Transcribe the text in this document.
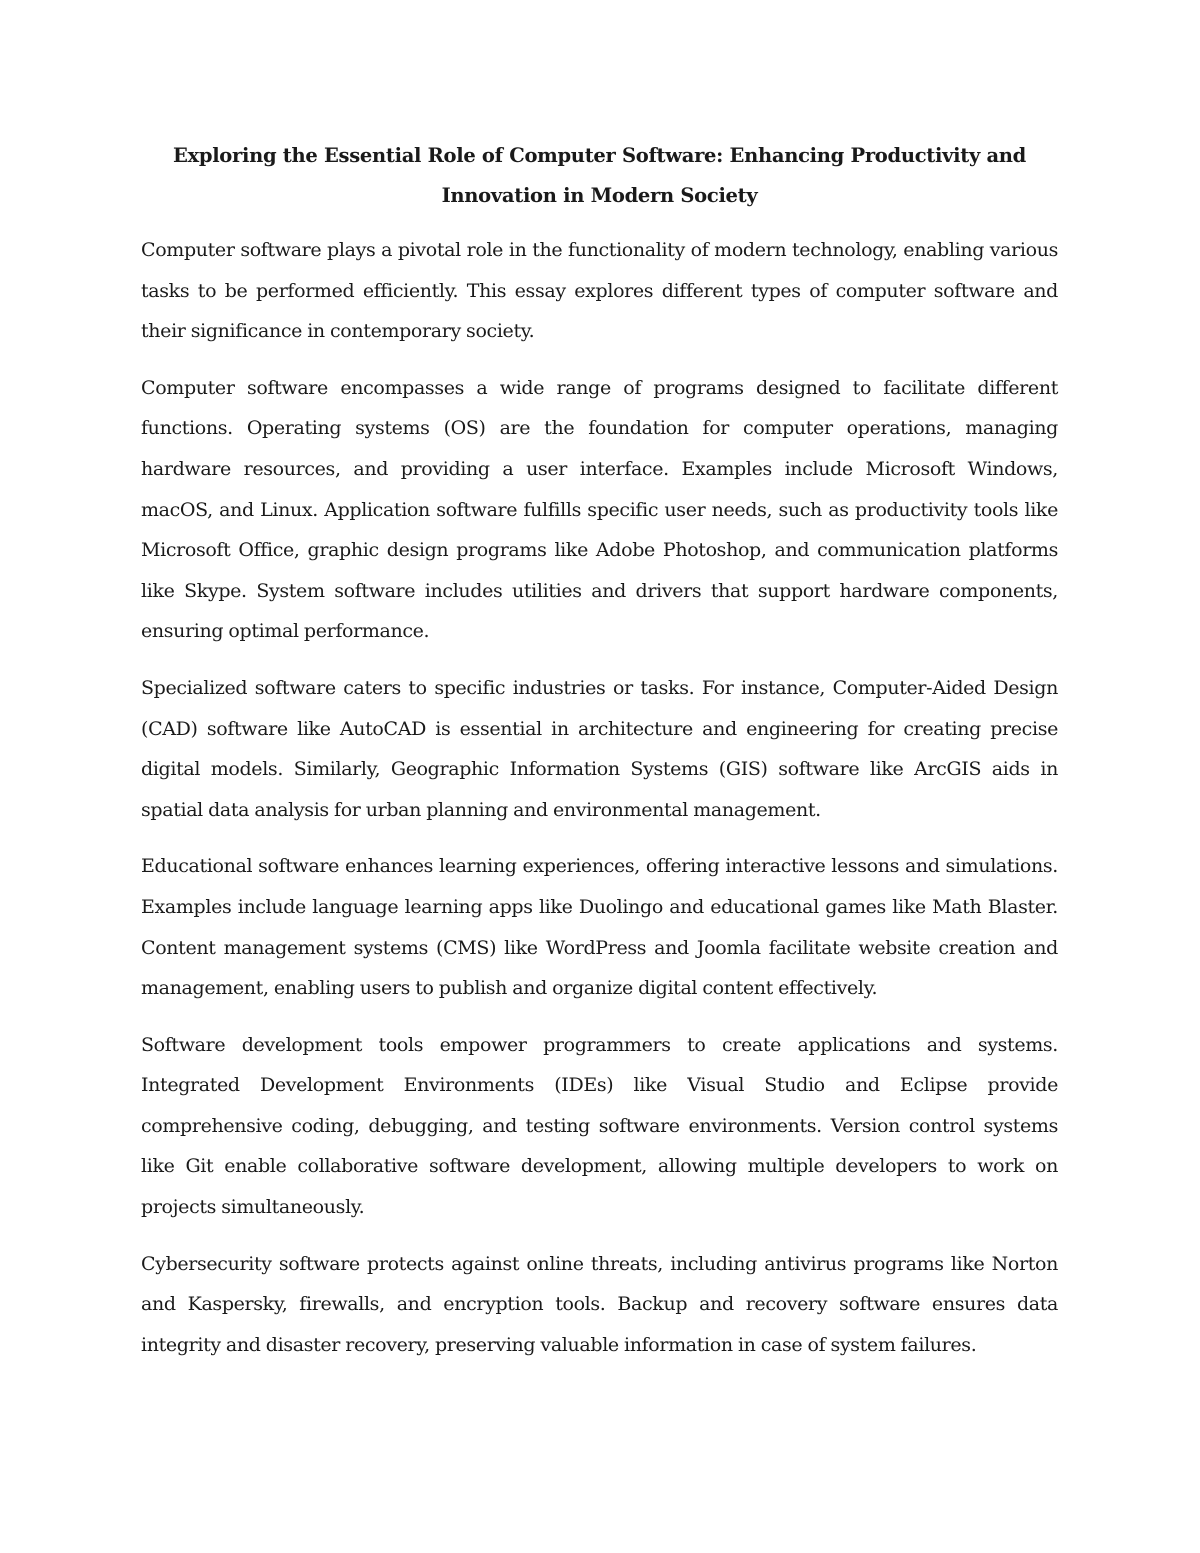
Exploring the Essential Role of Computer Software: Enhancing Productivity and Innovation in Modern Society

Computer software plays a pivotal role in the functionality of modern technology, enabling various tasks to be performed efficiently. This essay explores different types of computer software and their significance in contemporary society.

Computer software encompasses a wide range of programs designed to facilitate different functions. Operating systems (OS) are the foundation for computer operations, managing hardware resources, and providing a user interface. Examples include Microsoft Windows, macOS, and Linux. Application software fulfills specific user needs, such as productivity tools like Microsoft Office, graphic design programs like Adobe Photoshop, and communication platforms like Skype. System software includes utilities and drivers that support hardware components, ensuring optimal performance.

Specialized software caters to specific industries or tasks. For instance, Computer-Aided Design (CAD) software like AutoCAD is essential in architecture and engineering for creating precise digital models. Similarly, Geographic Information Systems (GIS) software like ArcGIS aids in spatial data analysis for urban planning and environmental management.

Educational software enhances learning experiences, offering interactive lessons and simulations. Examples include language learning apps like Duolingo and educational games like Math Blaster. Content management systems (CMS) like WordPress and Joomla facilitate website creation and management, enabling users to publish and organize digital content effectively.

Software development tools empower programmers to create applications and systems. Integrated Development Environments (IDEs) like Visual Studio and Eclipse provide comprehensive coding, debugging, and testing software environments. Version control systems like Git enable collaborative software development, allowing multiple developers to work on projects simultaneously.

Cybersecurity software protects against online threats, including antivirus programs like Norton and Kaspersky, firewalls, and encryption tools. Backup and recovery software ensures data integrity and disaster recovery, preserving valuable information in case of system failures.
